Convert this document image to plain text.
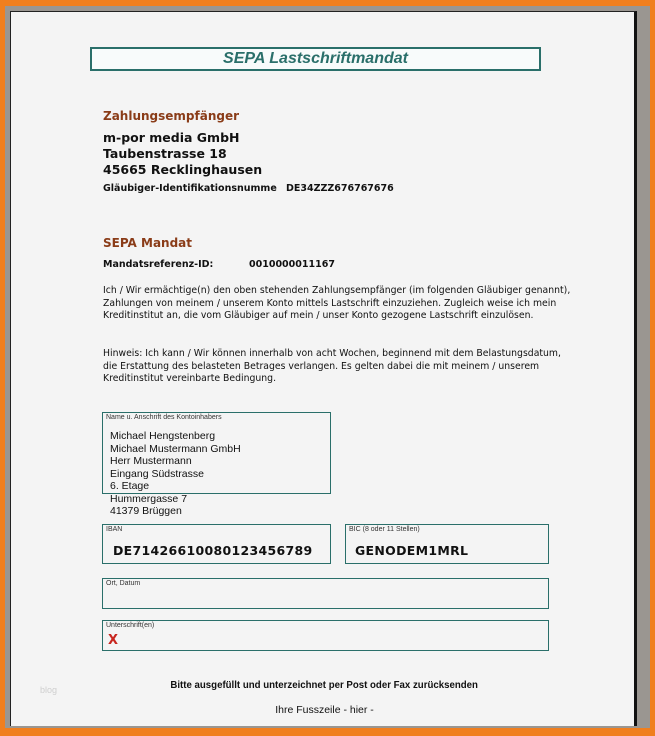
SEPA Lastschriftmandat
Zahlungsempfänger
m-por media GmbH
Taubenstrasse 18
45665 Recklinghausen
Gläubiger-Identifikationsnumme DE34ZZZ676767676
SEPA Mandat
Mandatsreferenz-ID:	0010000011167
Ich / Wir ermächtige(n) den oben stehenden Zahlungsempfänger (im folgenden Gläubiger genannt), Zahlungen von meinem / unserem Konto mittels Lastschrift einzuziehen. Zugleich weise ich mein Kreditinstitut an, die vom Gläubiger auf mein / unser Konto gezogene Lastschrift einzulösen.
Hinweis: Ich kann / Wir können innerhalb von acht Wochen, beginnend mit dem Belastungsdatum, die Erstattung des belasteten Betrages verlangen. Es gelten dabei die mit meinem / unserem Kreditinstitut vereinbarte Bedingung.
Name u. Anschrift des Kontoinhabers
Michael Hengstenberg
Michael Mustermann GmbH
Herr Mustermann
Eingang Südstrasse
6. Etage
Hummergasse 7
41379 Brüggen
IBAN
DE71426610080123456789
BIC (8 oder 11 Stellen)
GENODEM1MRL
Ort, Datum
Unterschrift(en)
X
Bitte ausgefüllt und unterzeichnet per Post oder Fax zurücksenden
Ihre Fusszeile - hier -
blog
